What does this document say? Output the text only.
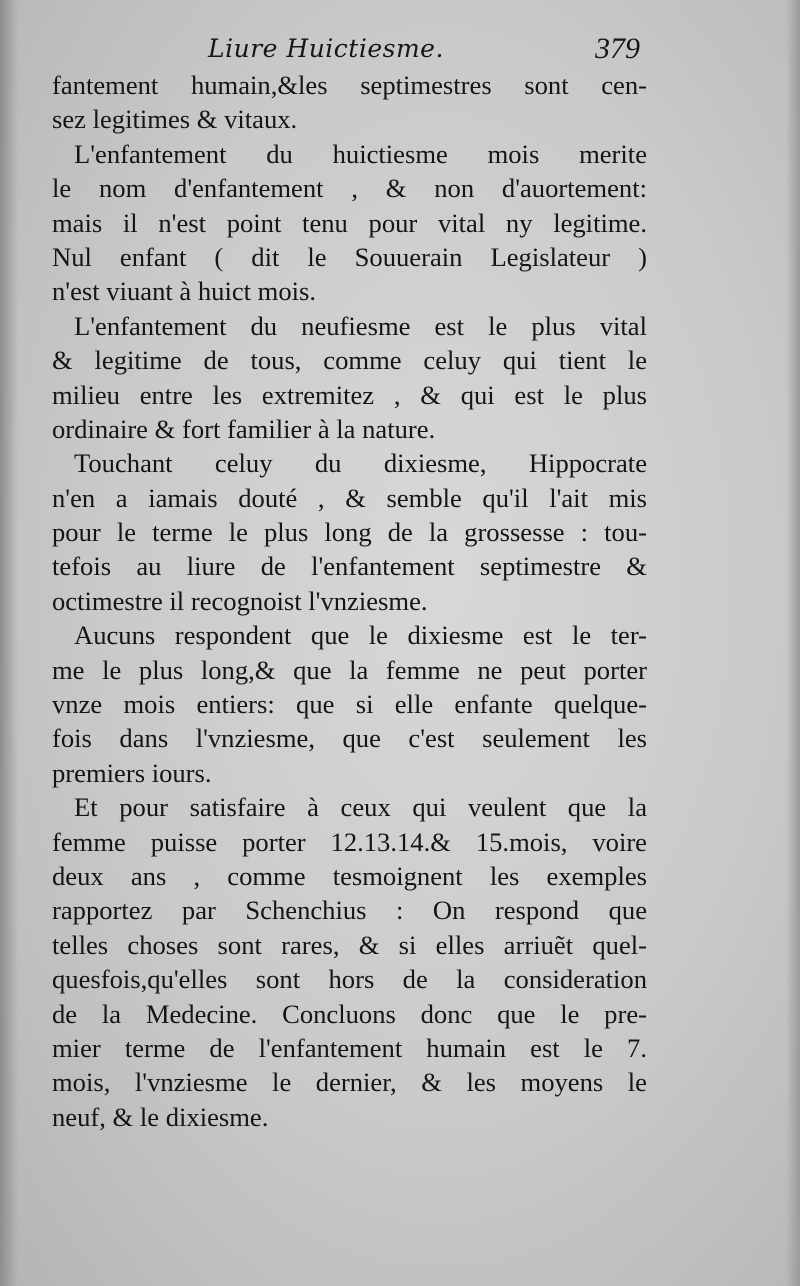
Liure Huictiesme.	379
fantement humain,&les septimestres sont cen-
sez legitimes & vitaux.
L'enfantement du huictiesme mois merite
le nom d'enfantement , & non d'auortement:
mais il n'est point tenu pour vital ny legitime.
Nul enfant ( dit le Souuerain Legislateur )
n'est viuant à huict mois.
L'enfantement du neufiesme est le plus vital
& legitime de tous, comme celuy qui tient le
milieu entre les extremitez , & qui est le plus
ordinaire & fort familier à la nature.
Touchant celuy du dixiesme, Hippocrate
n'en a iamais douté , & semble qu'il l'ait mis
pour le terme le plus long de la grossesse : tou-
tefois au liure de l'enfantement septimestre &
octimestre il recognoist l'vnziesme.
Aucuns respondent que le dixiesme est le ter-
me le plus long,& que la femme ne peut porter
vnze mois entiers: que si elle enfante quelque-
fois dans l'vnziesme, que c'est seulement les
premiers iours.
Et pour satisfaire à ceux qui veulent que la
femme puisse porter 12.13.14.& 15.mois, voire
deux ans , comme tesmoignent les exemples
rapportez par Schenchius : On respond que
telles choses sont rares, & si elles arriuẽt quel-
quesfois,qu'elles sont hors de la consideration
de la Medecine. Concluons donc que le pre-
mier terme de l'enfantement humain est le 7.
mois, l'vnziesme le dernier, & les moyens le
neuf, & le dixiesme.
